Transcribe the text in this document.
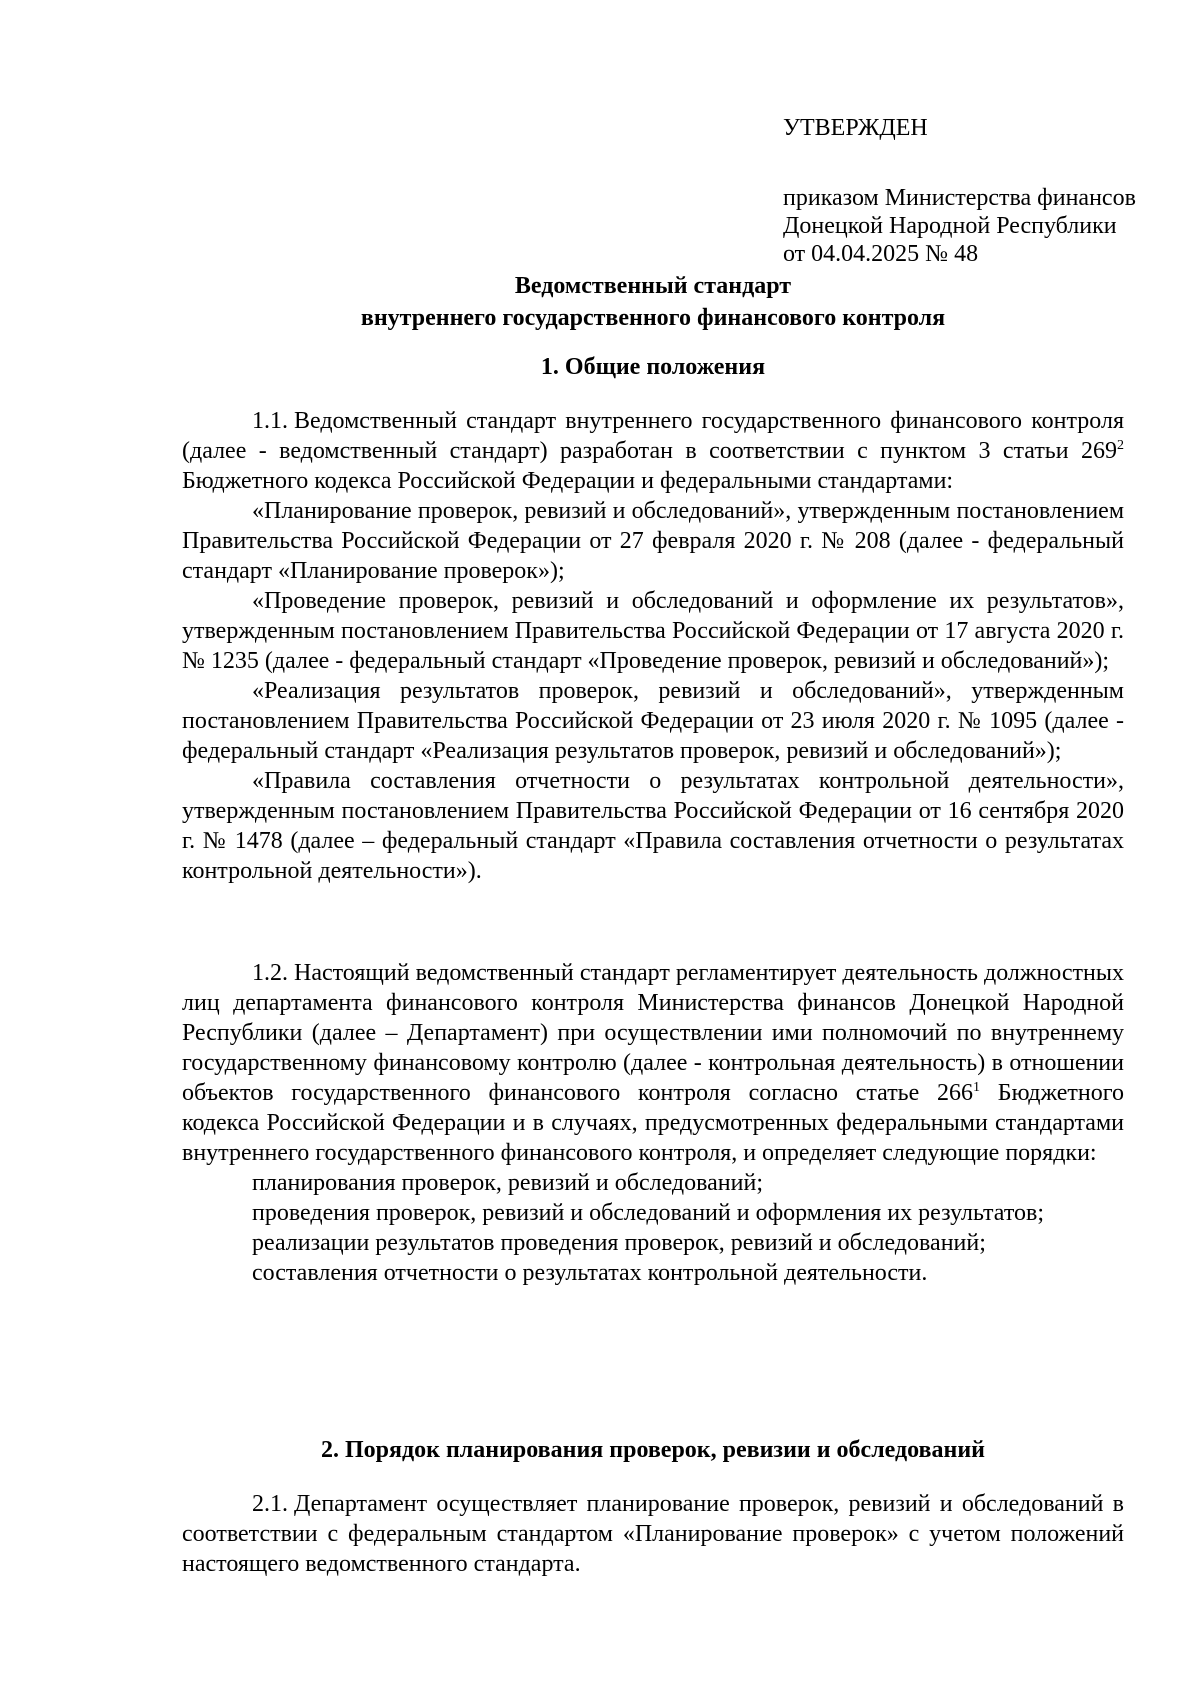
УТВЕРЖДЕН
приказом Министерства финансов
Донецкой Народной Республики
от 04.04.2025 № 48
Ведомственный стандарт
внутреннего государственного финансового контроля
1. Общие положения

1.1. Ведомственный стандарт внутреннего государственного финансового контроля (далее - ведомственный стандарт) разработан в соответствии с пунктом 3 статьи $269^2$ Бюджетного кодекса Российской Федерации и федеральными стандартами:

«Планирование проверок, ревизий и обследований», утвержденным постановлением Правительства Российской Федерации от 27 февраля 2020 г. № 208 (далее - федеральный стандарт «Планирование проверок»);

«Проведение проверок, ревизий и обследований и оформление их результатов», утвержденным постановлением Правительства Российской Федерации от 17 августа 2020 г. № 1235 (далее - федеральный стандарт «Проведение проверок, ревизий и обследований»);

«Реализация результатов проверок, ревизий и обследований», утвержденным постановлением Правительства Российской Федерации от 23 июля 2020 г. № 1095 (далее - федеральный стандарт «Реализация результатов проверок, ревизий и обследований»);

«Правила составления отчетности о результатах контрольной деятельности», утвержденным постановлением Правительства Российской Федерации от 16 сентября 2020 г. № 1478 (далее – федеральный стандарт «Правила составления отчетности о результатах контрольной деятельности»).

1.2. Настоящий ведомственный стандарт регламентирует деятельность должностных лиц департамента финансового контроля Министерства финансов Донецкой Народной Республики (далее – Департамент) при осуществлении ими полномочий по внутреннему государственному финансовому контролю (далее - контрольная деятельность) в отношении объектов государственного финансового контроля согласно статье $266^1$ Бюджетного кодекса Российской Федерации и в случаях, предусмотренных федеральными стандартами внутреннего государственного финансового контроля, и определяет следующие порядки:

планирования проверок, ревизий и обследований;

проведения проверок, ревизий и обследований и оформления их результатов;

реализации результатов проведения проверок, ревизий и обследований;

составления отчетности о результатах контрольной деятельности.

2. Порядок планирования проверок, ревизии и обследований

2.1. Департамент осуществляет планирование проверок, ревизий и обследований в соответствии с федеральным стандартом «Планирование проверок» с учетом положений настоящего ведомственного стандарта.
